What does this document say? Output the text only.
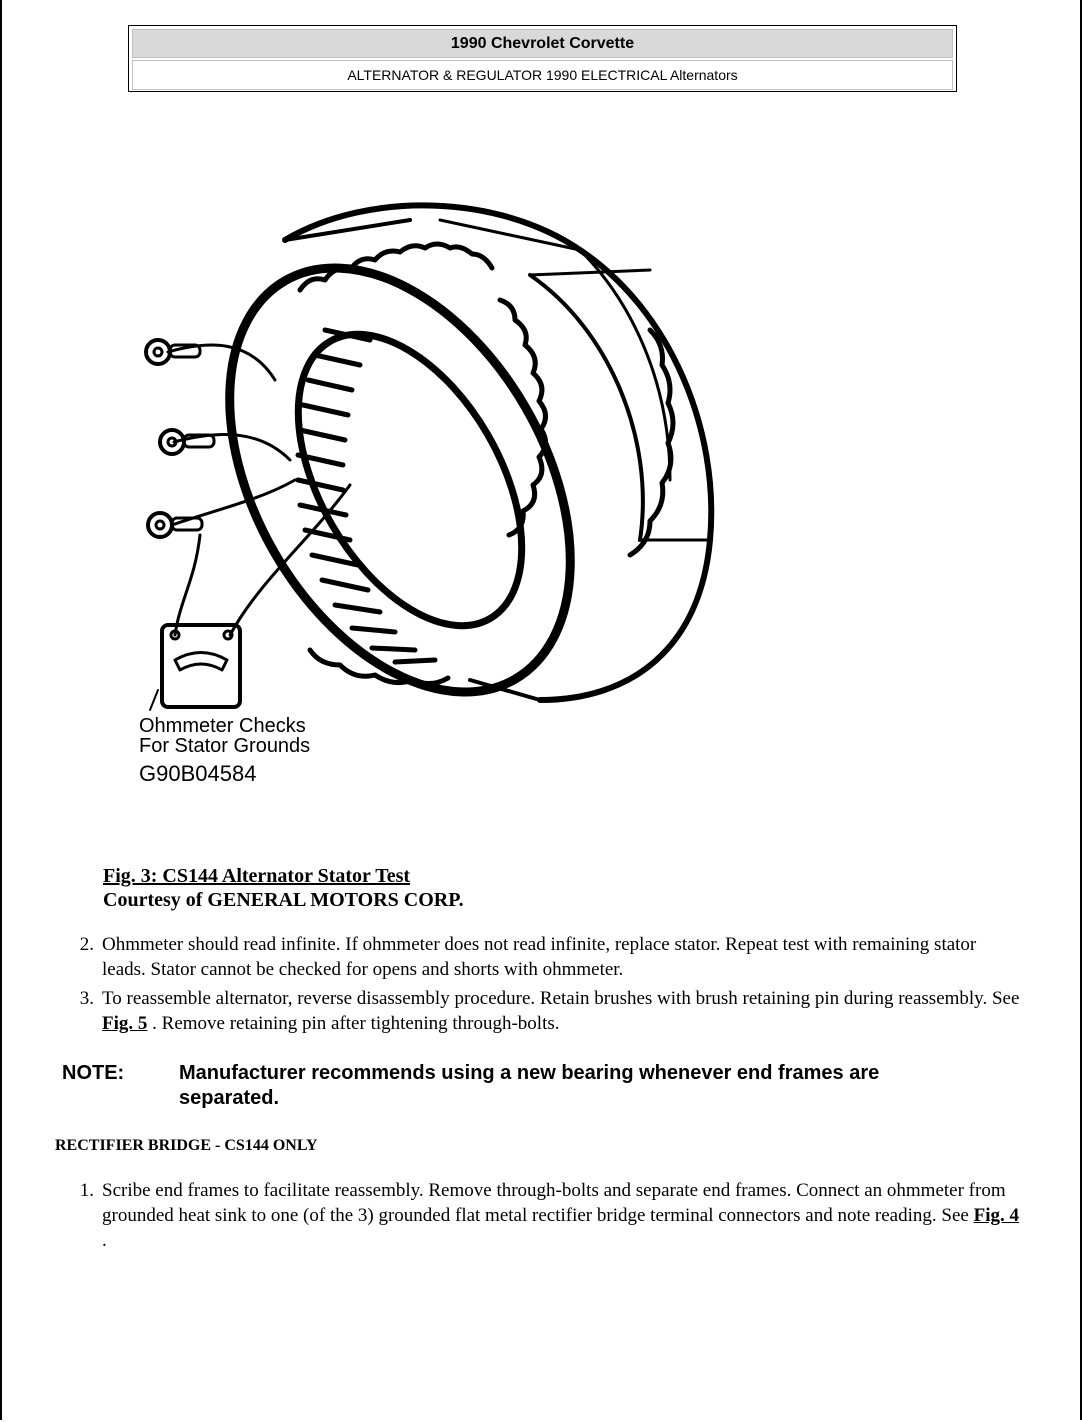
1990 Chevrolet Corvette
ALTERNATOR & REGULATOR 1990 ELECTRICAL Alternators
Ohmmeter Checks
For Stator Grounds
G90B04584
Fig. 3: CS144 Alternator Stator Test
Courtesy of GENERAL MOTORS CORP.
2. Ohmmeter should read infinite. If ohmmeter does not read infinite, replace stator. Repeat test with remaining stator leads. Stator cannot be checked for opens and shorts with ohmmeter.
3. To reassemble alternator, reverse disassembly procedure. Retain brushes with brush retaining pin during reassembly. See Fig. 5 . Remove retaining pin after tightening through-bolts.
NOTE:	Manufacturer recommends using a new bearing whenever end frames are separated.
RECTIFIER BRIDGE - CS144 ONLY
1. Scribe end frames to facilitate reassembly. Remove through-bolts and separate end frames. Connect an ohmmeter from grounded heat sink to one (of the 3) grounded flat metal rectifier bridge terminal connectors and note reading. See Fig. 4 .
